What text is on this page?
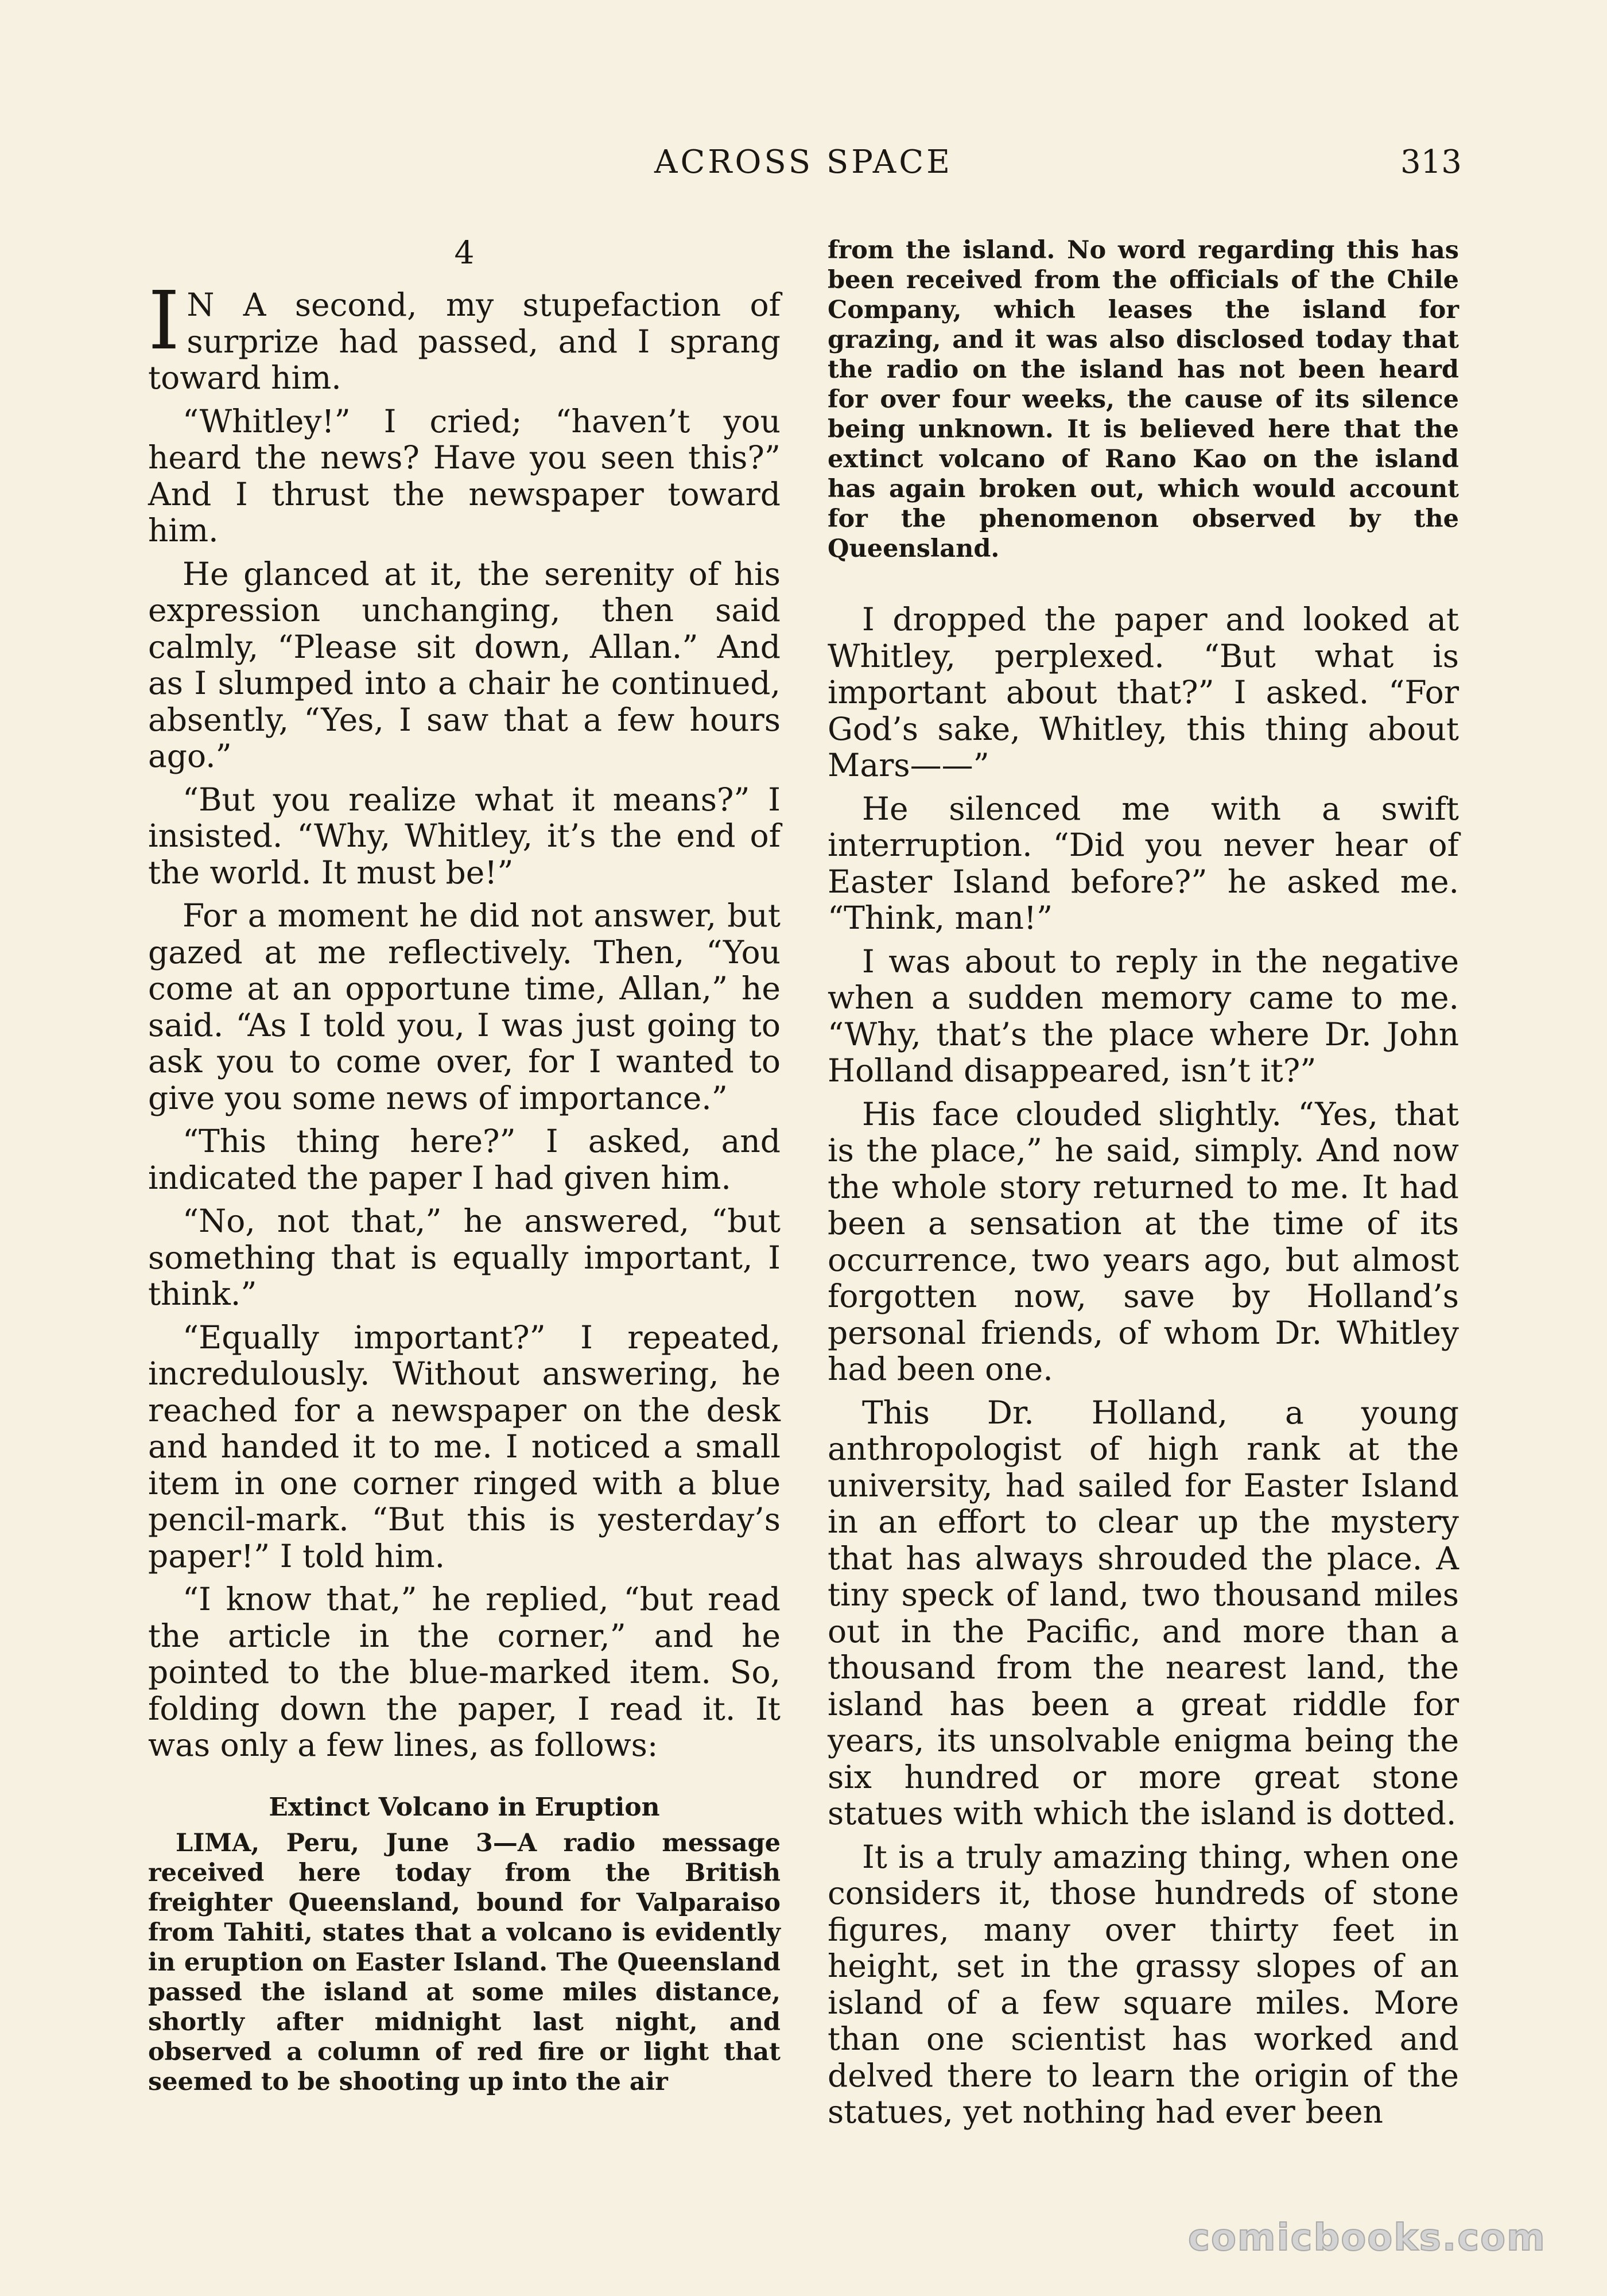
ACROSS SPACE	313
4

I N A second, my stupefaction of surprize had passed, and I sprang toward him.

“Whitley!” I cried; “haven’t you heard the news? Have you seen this?” And I thrust the newspaper toward him.

He glanced at it, the serenity of his expression unchanging, then said calmly, “Please sit down, Allan.” And as I slumped into a chair he continued, absently, “Yes, I saw that a few hours ago.”

“But you realize what it means?” I insisted. “Why, Whitley, it’s the end of the world. It must be!”

For a moment he did not answer, but gazed at me reflectively. Then, “You come at an opportune time, Allan,” he said. “As I told you, I was just going to ask you to come over, for I wanted to give you some news of importance.”

“This thing here?” I asked, and indicated the paper I had given him.

“No, not that,” he answered, “but something that is equally important, I think.”

“Equally important?” I repeated, incredulously. Without answering, he reached for a newspaper on the desk and handed it to me. I noticed a small item in one corner ringed with a blue pencil-mark. “But this is yesterday’s paper!” I told him.

“I know that,” he replied, “but read the article in the corner,” and he pointed to the blue-marked item. So, folding down the paper, I read it. It was only a few lines, as follows:

Extinct Volcano in Eruption

LIMA, Peru, June 3—A radio message received here today from the British freighter Queensland, bound for Valparaiso from Tahiti, states that a volcano is evidently in eruption on Easter Island. The Queensland passed the island at some miles distance, shortly after midnight last night, and observed a column of red fire or light that seemed to be shooting up into the air

from the island. No word regarding this has been received from the officials of the Chile Company, which leases the island for grazing, and it was also disclosed today that the radio on the island has not been heard for over four weeks, the cause of its silence being unknown. It is believed here that the extinct volcano of Rano Kao on the island has again broken out, which would account for the phenomenon observed by the Queensland.

I dropped the paper and looked at Whitley, perplexed. “But what is important about that?” I asked. “For God’s sake, Whitley, this thing about Mars——”

He silenced me with a swift interruption. “Did you never hear of Easter Island before?” he asked me. “Think, man!”

I was about to reply in the negative when a sudden memory came to me. “Why, that’s the place where Dr. John Holland disappeared, isn’t it?”

His face clouded slightly. “Yes, that is the place,” he said, simply. And now the whole story returned to me. It had been a sensation at the time of its occurrence, two years ago, but almost forgotten now, save by Holland’s personal friends, of whom Dr. Whitley had been one.

This Dr. Holland, a young anthropologist of high rank at the university, had sailed for Easter Island in an effort to clear up the mystery that has always shrouded the place. A tiny speck of land, two thousand miles out in the Pacific, and more than a thousand from the nearest land, the island has been a great riddle for years, its unsolvable enigma being the six hundred or more great stone statues with which the island is dotted.

It is a truly amazing thing, when one considers it, those hundreds of stone figures, many over thirty feet in height, set in the grassy slopes of an island of a few square miles. More than one scientist has worked and delved there to learn the origin of the statues, yet nothing had ever been

comicbooks.com
